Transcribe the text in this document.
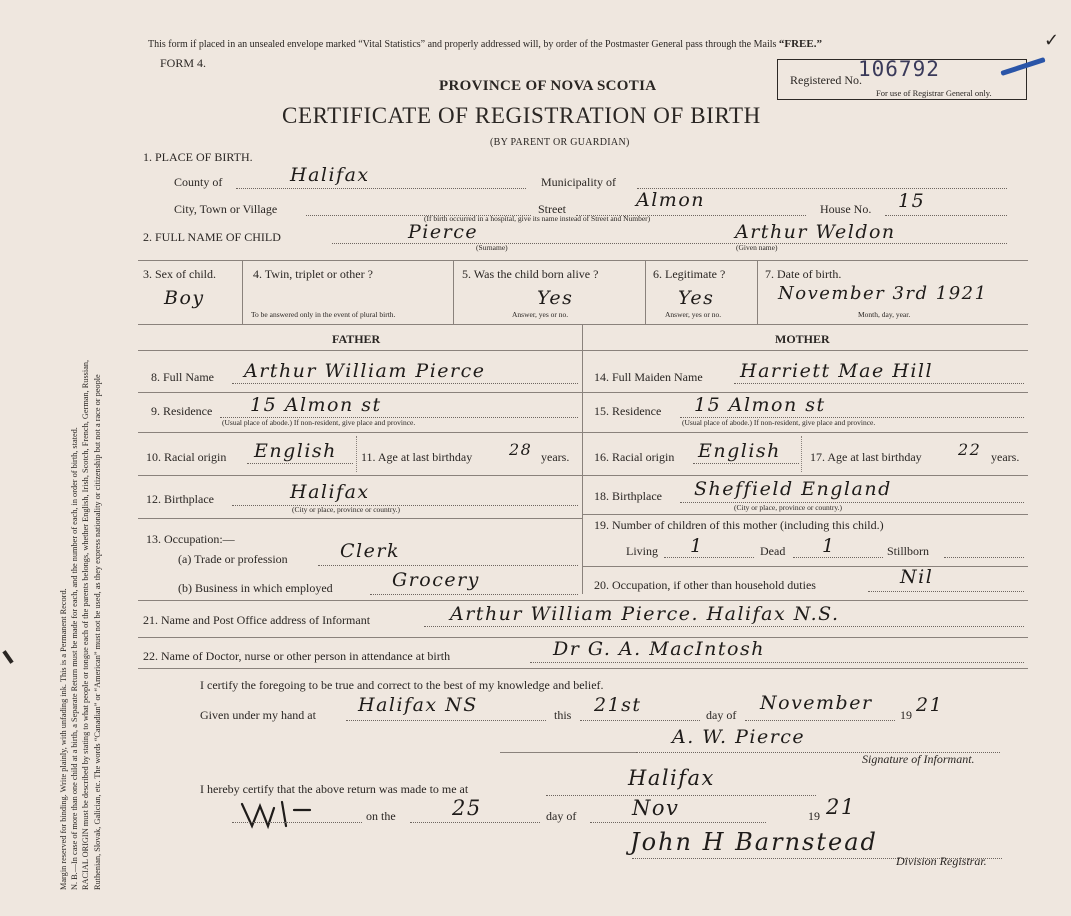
Margin reserved for binding. Write plainly, with unfading ink. This is a Permanent Record. N. B.—In case of more than one child at a birth, a Separate Return must be made for each, and the number of each, in order of birth, stated. RACIAL ORIGIN must be described by stating to what people or tongue each of the parents belongs, whether English, Irish, Scotch, French, German, Russian, Ruthenian, Slovak, Galician, etc. The words “Canadian” or “American” must not be used, as they express nationality or citizenship but not a race or people
✓
This form if placed in an unsealed envelope marked “Vital Statistics” and properly addressed will, by order of the Postmaster General pass through the Mails “FREE.”
FORM 4.
PROVINCE OF NOVA SCOTIA
CERTIFICATE OF REGISTRATION OF BIRTH
(BY PARENT OR GUARDIAN)
Registered No.
106792
For use of Registrar General only.
1. PLACE OF BIRTH.
County of	Halifax	Municipality of
City, Town or Village	Street	Almon	House No. 15
(If birth occurred in a hospital, give its name instead of Street and Number)
2. FULL NAME OF CHILD	Pierce
(Surname)
Arthur Weldon
(Given name)
3. Sex of child.
Boy
4. Twin, triplet or other ?
To be answered only in the event of plural birth.
5. Was the child born alive ?
Yes
Answer, yes or no.
6. Legitimate ?
Yes
Answer, yes or no.
7. Date of birth.
November 3rd 1921
Month, day, year.
FATHER	MOTHER
8. Full Name Arthur William Pierce
9. Residence 15 Almon st
(Usual place of abode.) If non-resident, give place and province.
10. Racial origin English 11. Age at last birthday 28 years.
12. Birthplace	Halifax
(City or place, province or country.)
13. Occupation:—
(a) Trade or profession	Clerk
(b) Business in which employed	Grocery
14. Full Maiden Name Harriett Mae Hill
15. Residence 15 Almon st
(Usual place of abode.) If non-resident, give place and province.
16. Racial origin English 17. Age at last birthday 22 years.
18. Birthplace Sheffield England
(City or place, province or country.)
19. Number of children of this mother (including this child.)
Living 1	Dead 1	Stillborn
20. Occupation, if other than household duties	Nil
21. Name and Post Office address of Informant	Arthur William Pierce. Halifax N.S.
22. Name of Doctor, nurse or other person in attendance at birth	Dr G. A. MacIntosh
I certify the foregoing to be true and correct to the best of my knowledge and belief.
Given under my hand at Halifax NS	this 21st	day of
November
19 21
A. W. Pierce
Signature of Informant.
I hereby certify that the above return was made to me at	Halifax
on the	25	day of	Nov	19 21
John H Barnstead
Division Registrar.
